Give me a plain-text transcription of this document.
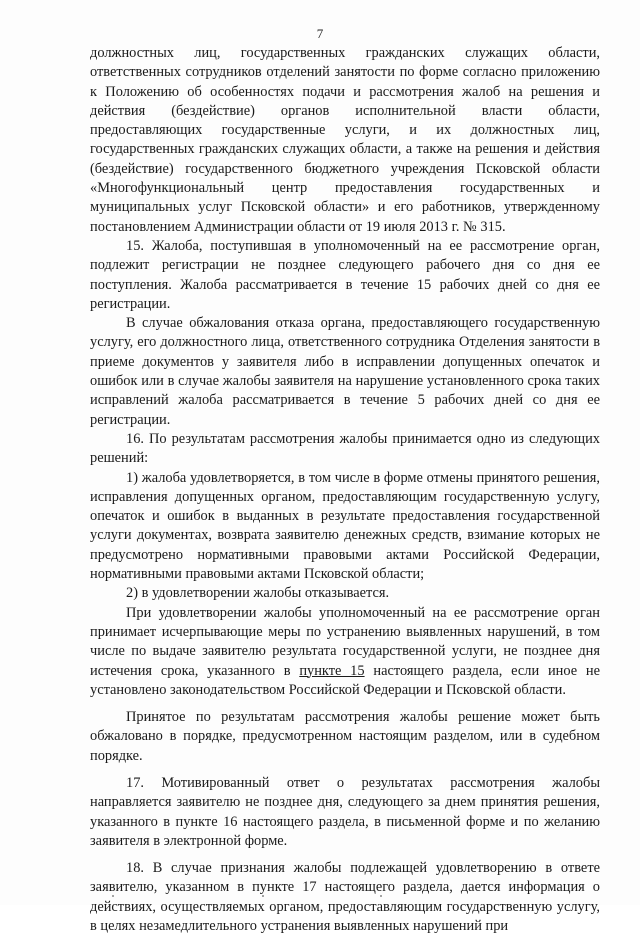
7

должностных лиц, государственных гражданских служащих области, ответственных сотрудников отделений занятости по форме согласно приложению к Положению об особенностях подачи и рассмотрения жалоб на решения и действия (бездействие) органов исполнительной власти области, предоставляющих государственные услуги, и их должностных лиц, государственных гражданских служащих области, а также на решения и действия (бездействие) государственного бюджетного учреждения Псковской области «Многофункциональный центр предоставления государственных и муниципальных услуг Псковской области» и его работников, утвержденному постановлением Администрации области от 19 июля 2013 г. № 315.

15. Жалоба, поступившая в уполномоченный на ее рассмотрение орган, подлежит регистрации не позднее следующего рабочего дня со дня ее поступления. Жалоба рассматривается в течение 15 рабочих дней со дня ее регистрации.

В случае обжалования отказа органа, предоставляющего государственную услугу, его должностного лица, ответственного сотрудника Отделения занятости в приеме документов у заявителя либо в исправлении допущенных опечаток и ошибок или в случае жалобы заявителя на нарушение установленного срока таких исправлений жалоба рассматривается в течение 5 рабочих дней со дня ее регистрации.

16. По результатам рассмотрения жалобы принимается одно из следующих решений:

1) жалоба удовлетворяется, в том числе в форме отмены принятого решения, исправления допущенных органом, предоставляющим государственную услугу, опечаток и ошибок в выданных в результате предоставления государственной услуги документах, возврата заявителю денежных средств, взимание которых не предусмотрено нормативными правовыми актами Российской Федерации, нормативными правовыми актами Псковской области;

2) в удовлетворении жалобы отказывается.

При удовлетворении жалобы уполномоченный на ее рассмотрение орган принимает исчерпывающие меры по устранению выявленных нарушений, в том числе по выдаче заявителю результата государственной услуги, не позднее дня истечения срока, указанного в пункте 15 настоящего раздела, если иное не установлено законодательством Российской Федерации и Псковской области.

Принятое по результатам рассмотрения жалобы решение может быть обжаловано в порядке, предусмотренном настоящим разделом, или в судебном порядке.

17. Мотивированный ответ о результатах рассмотрения жалобы направляется заявителю не позднее дня, следующего за днем принятия решения, указанного в пункте 16 настоящего раздела, в письменной форме и по желанию заявителя в электронной форме.

18. В случае признания жалобы подлежащей удовлетворению в ответе заявителю, указанном в пункте 17 настоящего раздела, дается информация о действиях, осуществляемых органом, предоставляющим государственную услугу, в целях незамедлительного устранения выявленных нарушений при
